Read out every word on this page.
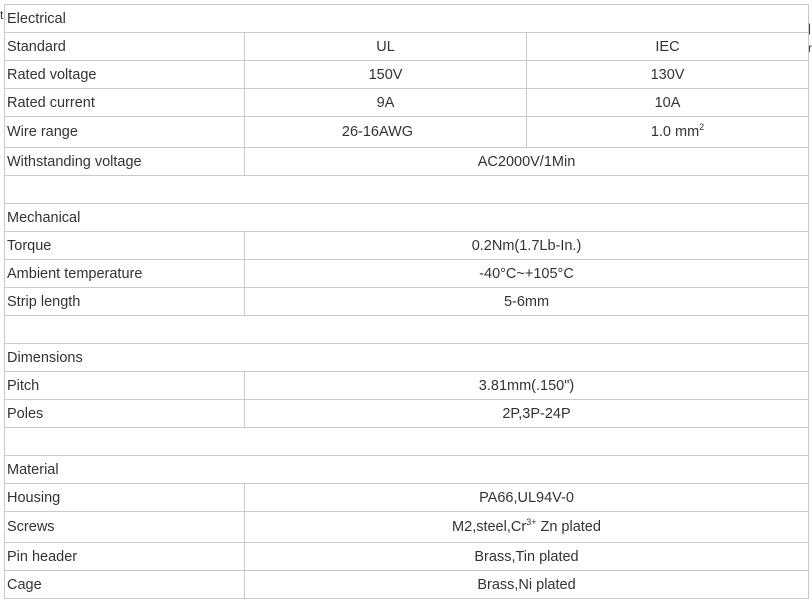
t
|
r
Electrical		
Standard	UL	IEC
Rated voltage	150V	130V
Rated current	9A	10A
Wire range	26-16AWG	1.0 $mm^2$
Withstanding voltage	AC2000V/1Min	

Mechanical		
Torque	0.2Nm(1.7Lb-In.)	
Ambient temperature	-40°C~+105°C	
Strip length	5-6mm	

Dimensions		
Pitch	3.81mm(.150")	
Poles	2P,3P-24P	

Material		
Housing	PA66,UL94V-0	
Screws	$M2,steel,Cr^{3+}$ Zn plated	
Pin header	Brass,Tin plated	
Cage	Brass,Ni plated	
